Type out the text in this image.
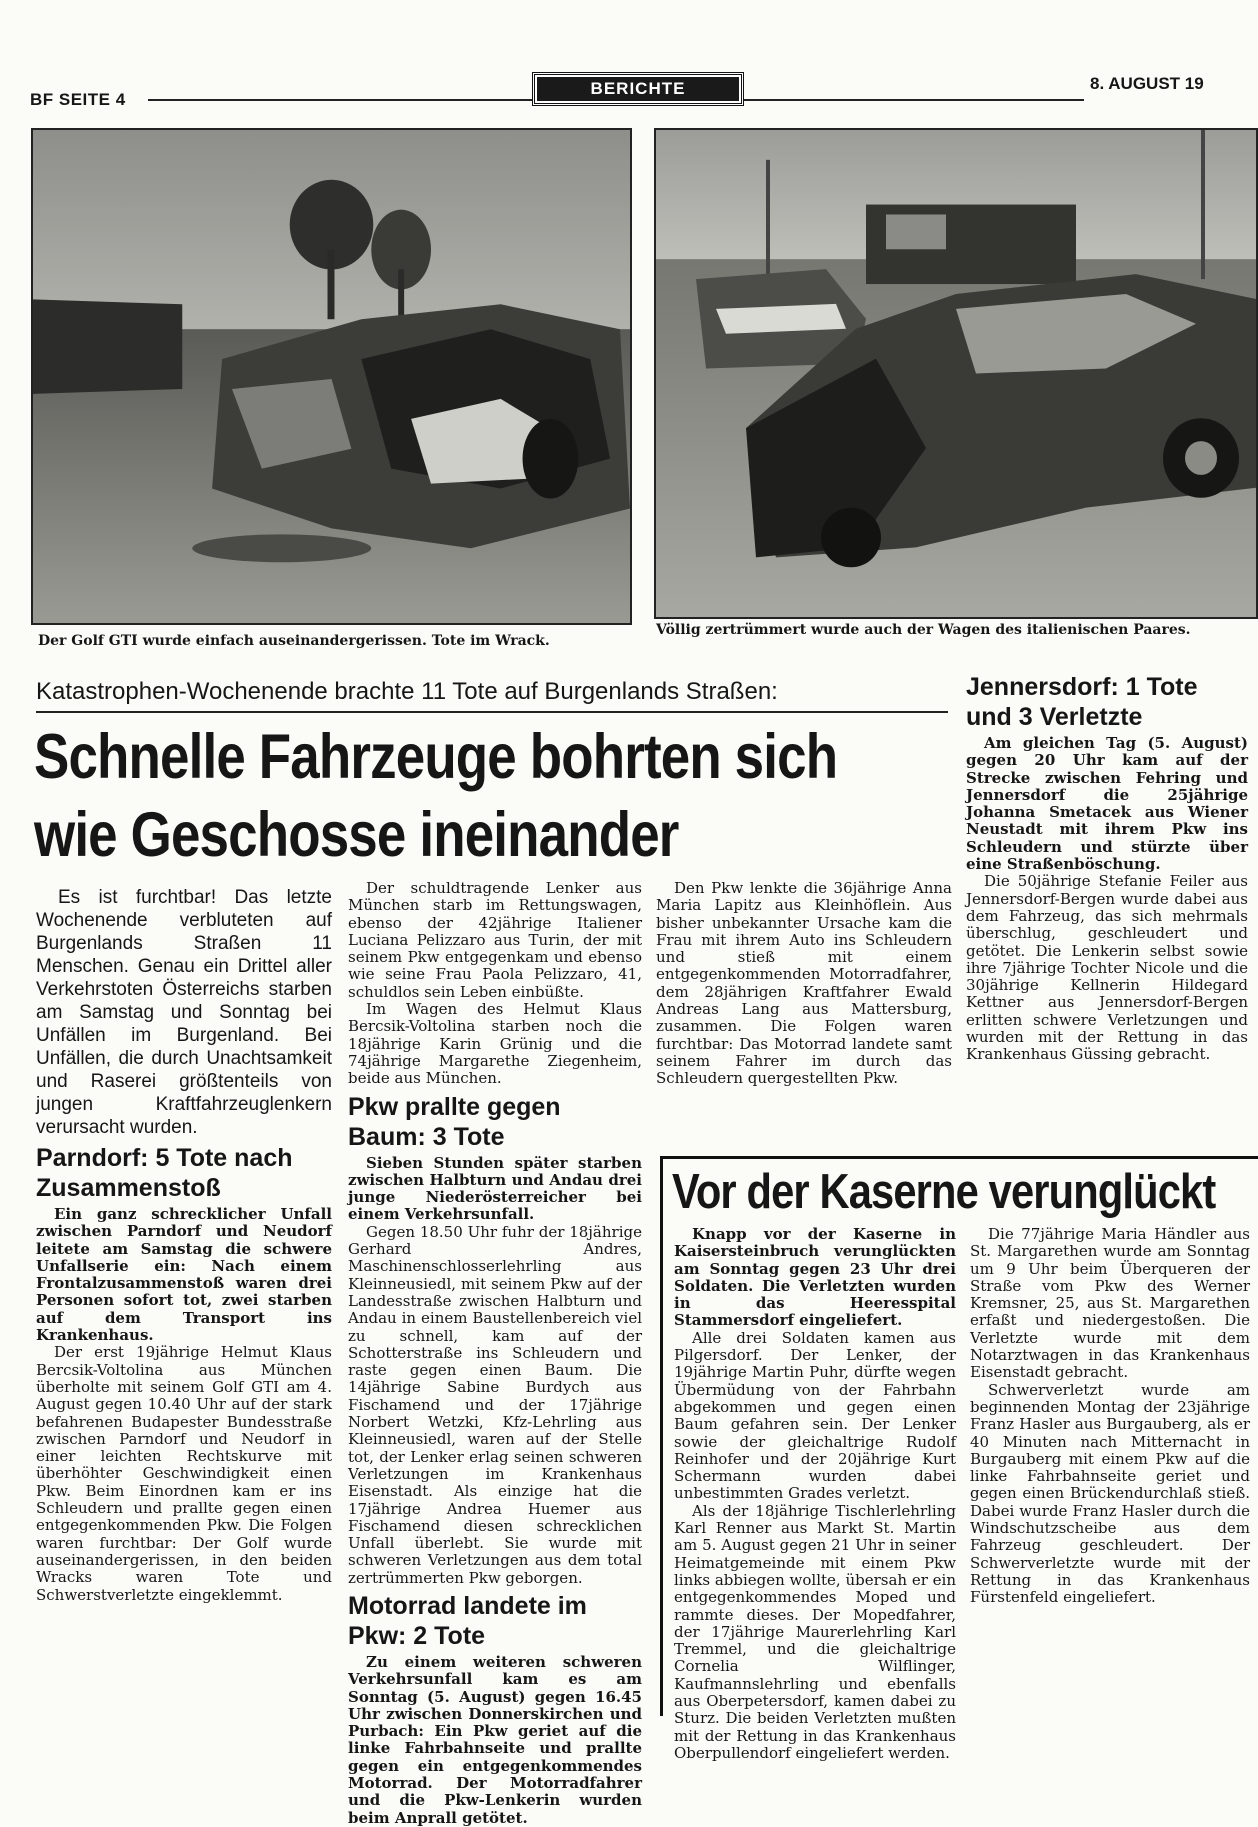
BF SEITE 4
BERICHTE	8. AUGUST 19
Der Golf GTI wurde einfach auseinandergerissen. Tote im Wrack.
Völlig zertrümmert wurde auch der Wagen des italienischen Paares.
Katastrophen-Wochenende brachte 11 Tote auf Burgenlands Straßen:
Schnelle Fahrzeuge bohrten sich
wie Geschosse ineinander

Es ist furchtbar! Das letzte Wochenende verbluteten auf Burgenlands Straßen 11 Menschen. Genau ein Drittel aller Verkehrstoten Österreichs starben am Samstag und Sonntag bei Unfällen im Burgenland. Bei Unfällen, die durch Unachtsamkeit und Raserei größtenteils von jungen Kraftfahrzeuglenkern verursacht wurden.

Parndorf: 5 Tote nach Zusammenstoß

Ein ganz schrecklicher Unfall zwischen Parndorf und Neudorf leitete am Samstag die schwere Unfallserie ein: Nach einem Frontalzusammenstoß waren drei Personen sofort tot, zwei starben auf dem Transport ins Krankenhaus.

Der erst 19jährige Helmut Klaus Bercsik-Voltolina aus München überholte mit seinem Golf GTI am 4. August gegen 10.40 Uhr auf der stark befahrenen Budapester Bundesstraße zwischen Parndorf und Neudorf in einer leichten Rechtskurve mit überhöhter Geschwindigkeit einen Pkw. Beim Einordnen kam er ins Schleudern und prallte gegen einen entgegenkommenden Pkw. Die Folgen waren furchtbar: Der Golf wurde auseinandergerissen, in den beiden Wracks waren Tote und Schwerstverletzte eingeklemmt.

Der schuldtragende Lenker aus München starb im Rettungswagen, ebenso der 42jährige Italiener Luciana Pelizzaro aus Turin, der mit seinem Pkw entgegenkam und ebenso wie seine Frau Paola Pelizzaro, 41, schuldlos sein Leben einbüßte.

Im Wagen des Helmut Klaus Bercsik-Voltolina starben noch die 18jährige Karin Grünig und die 74jährige Margarethe Ziegenheim, beide aus München.

Pkw prallte gegen Baum: 3 Tote

Sieben Stunden später starben zwischen Halbturn und Andau drei junge Niederösterreicher bei einem Verkehrsunfall.

Gegen 18.50 Uhr fuhr der 18jährige Gerhard Andres, Maschinenschlosserlehrling aus Kleinneusiedl, mit seinem Pkw auf der Landesstraße zwischen Halbturn und Andau in einem Baustellenbereich viel zu schnell, kam auf der Schotterstraße ins Schleudern und raste gegen einen Baum. Die 14jährige Sabine Burdych aus Fischamend und der 17jährige Norbert Wetzki, Kfz-Lehrling aus Kleinneusiedl, waren auf der Stelle tot, der Lenker erlag seinen schweren Verletzungen im Krankenhaus Eisenstadt. Als einzige hat die 17jährige Andrea Huemer aus Fischamend diesen schrecklichen Unfall überlebt. Sie wurde mit schweren Verletzungen aus dem total zertrümmerten Pkw geborgen.

Motorrad landete im Pkw: 2 Tote

Zu einem weiteren schweren Verkehrsunfall kam es am Sonntag (5. August) gegen 16.45 Uhr zwischen Donnerskirchen und Purbach: Ein Pkw geriet auf die linke Fahrbahnseite und prallte gegen ein entgegenkommendes Motorrad. Der Motorradfahrer und die Pkw-Lenkerin wurden beim Anprall getötet.

Den Pkw lenkte die 36jährige Anna Maria Lapitz aus Kleinhöflein. Aus bisher unbekannter Ursache kam die Frau mit ihrem Auto ins Schleudern und stieß mit einem entgegenkommenden Motorradfahrer, dem 28jährigen Kraftfahrer Ewald Andreas Lang aus Mattersburg, zusammen. Die Folgen waren furchtbar: Das Motorrad landete samt seinem Fahrer im durch das Schleudern quergestellten Pkw.

Jennersdorf: 1 Tote und 3 Verletzte

Am gleichen Tag (5. August) gegen 20 Uhr kam auf der Strecke zwischen Fehring und Jennersdorf die 25jährige Johanna Smetacek aus Wiener Neustadt mit ihrem Pkw ins Schleudern und stürzte über eine Straßenböschung.

Die 50jährige Stefanie Feiler aus Jennersdorf-Bergen wurde dabei aus dem Fahrzeug, das sich mehrmals überschlug, geschleudert und getötet. Die Lenkerin selbst sowie ihre 7jährige Tochter Nicole und die 30jährige Kellnerin Hildegard Kettner aus Jennersdorf-Bergen erlitten schwere Verletzungen und wurden mit der Rettung in das Krankenhaus Güssing gebracht.

Vor der Kaserne verunglückt

Knapp vor der Kaserne in Kaisersteinbruch verunglückten am Sonntag gegen 23 Uhr drei Soldaten. Die Verletzten wurden in das Heeresspital Stammersdorf eingeliefert.

Alle drei Soldaten kamen aus Pilgersdorf. Der Lenker, der 19jährige Martin Puhr, dürfte wegen Übermüdung von der Fahrbahn abgekommen und gegen einen Baum gefahren sein. Der Lenker sowie der gleichaltrige Rudolf Reinhofer und der 20jährige Kurt Schermann wurden dabei unbestimmten Grades verletzt.

Als der 18jährige Tischlerlehrling Karl Renner aus Markt St. Martin am 5. August gegen 21 Uhr in seiner Heimatgemeinde mit einem Pkw links abbiegen wollte, übersah er ein entgegenkommendes Moped und rammte dieses. Der Mopedfahrer, der 17jährige Maurerlehrling Karl Tremmel, und die gleichaltrige Cornelia Wilflinger, Kaufmannslehrling und ebenfalls aus Oberpetersdorf, kamen dabei zu Sturz. Die beiden Verletzten mußten mit der Rettung in das Krankenhaus Oberpullendorf eingeliefert werden.

Die 77jährige Maria Händler aus St. Margarethen wurde am Sonntag um 9 Uhr beim Überqueren der Straße vom Pkw des Werner Kremsner, 25, aus St. Margarethen erfaßt und niedergestoßen. Die Verletzte wurde mit dem Notarztwagen in das Krankenhaus Eisenstadt gebracht.

Schwerverletzt wurde am beginnenden Montag der 23jährige Franz Hasler aus Burgauberg, als er 40 Minuten nach Mitternacht in Burgauberg mit einem Pkw auf die linke Fahrbahnseite geriet und gegen einen Brückendurchlaß stieß. Dabei wurde Franz Hasler durch die Windschutzscheibe aus dem Fahrzeug geschleudert. Der Schwerverletzte wurde mit der Rettung in das Krankenhaus Fürstenfeld eingeliefert.
